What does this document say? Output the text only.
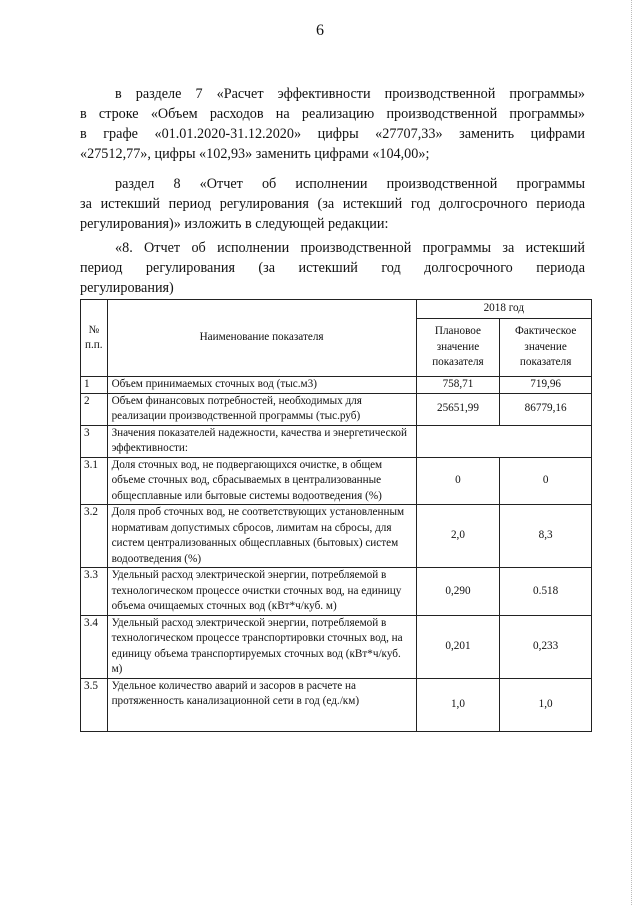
6
в разделе 7 «Расчет эффективности производственной программы»
в строке «Объем расходов на реализацию производственной программы»
в графе «01.01.2020-31.12.2020» цифры «27707,33» заменить цифрами
«27512,77», цифры «102,93» заменить цифрами «104,00»;
раздел 8 «Отчет об исполнении производственной программы
за истекший период регулирования (за истекший год долгосрочного периода
регулирования)» изложить в следующей редакции:
«8. Отчет об исполнении производственной программы за истекший
период регулирования (за истекший год долгосрочного периода
регулирования)
№ п.п.	Наименование показателя	2018 год	
		Плановое значение показателя	Фактическое значение показателя
1	Объем принимаемых сточных вод (тыс.м3)	758,71	719,96
2	Объем финансовых потребностей, необходимых для реализации производственной программы (тыс.руб)	25651,99	86779,16
3	Значения показателей надежности, качества и энергетической эффективности:		
3.1	Доля сточных вод, не подвергающихся очистке, в общем объеме сточных вод, сбрасываемых в централизованные общесплавные или бытовые системы водоотведения (%)	0	0
3.2	Доля проб сточных вод, не соответствующих установленным нормативам допустимых сбросов, лимитам на сбросы, для систем централизованных общесплавных (бытовых) систем водоотведения (%)	2,0	8,3
3.3	Удельный расход электрической энергии, потребляемой в технологическом процессе очистки сточных вод, на единицу объема очищаемых сточных вод (кВт*ч/куб. м)	0,290	0.518
3.4	Удельный расход электрической энергии, потребляемой в технологическом процессе транспортировки сточных вод, на единицу объема транспортируемых сточных вод (кВт*ч/куб. м)	0,201	0,233
3.5	Удельное количество аварий и засоров в расчете на протяженность канализационной сети в год (ед./км)	1,0	1,0
